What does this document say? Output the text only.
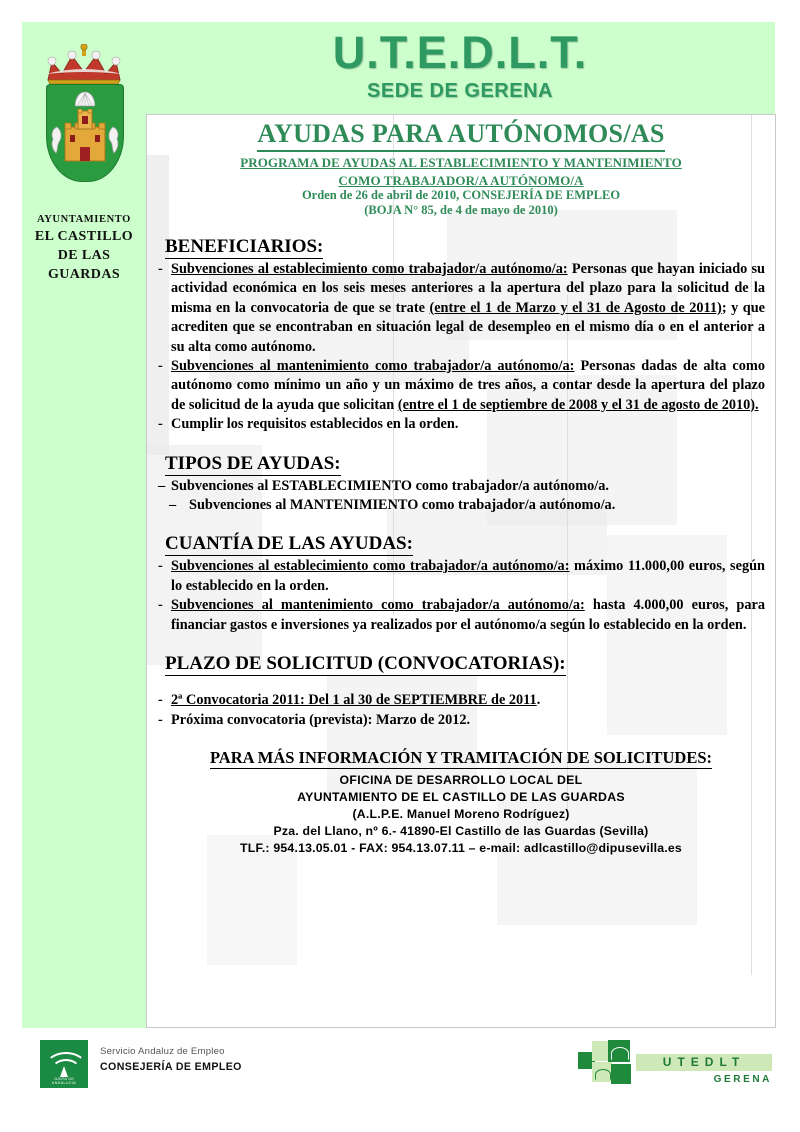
AYUNTAMIENTO
EL CASTILLO
DE LAS
GUARDAS
U.T.E.D.L.T.
SEDE DE GERENA
AYUDAS PARA AUTÓNOMOS/AS
PROGRAMA DE AYUDAS AL ESTABLECIMIENTO Y MANTENIMIENTO
COMO TRABAJADOR/A AUTÓNOMO/A
Orden de 26 de abril de 2010, CONSEJERÍA DE EMPLEO
(BOJA N° 85, de 4 de mayo de 2010)
BENEFICIARIOS:
- Subvenciones al establecimiento como trabajador/a autónomo/a: Personas que hayan iniciado su actividad económica en los seis meses anteriores a la apertura del plazo para la solicitud de la misma en la convocatoria de que se trate (entre el 1 de Marzo y el 31 de Agosto de 2011); y que acrediten que se encontraban en situación legal de desempleo en el mismo día o en el anterior a su alta como autónomo.
- Subvenciones al mantenimiento como trabajador/a autónomo/a: Personas dadas de alta como autónomo como mínimo un año y un máximo de tres años, a contar desde la apertura del plazo de solicitud de la ayuda que solicitan (entre el 1 de septiembre de 2008 y el 31 de agosto de 2010).
- Cumplir los requisitos establecidos en la orden.
TIPOS DE AYUDAS:
– Subvenciones al ESTABLECIMIENTO como trabajador/a autónomo/a.
– Subvenciones al MANTENIMIENTO como trabajador/a autónomo/a.
CUANTÍA DE LAS AYUDAS:
- Subvenciones al establecimiento como trabajador/a autónomo/a: máximo 11.000,00 euros, según lo establecido en la orden.
- Subvenciones al mantenimiento como trabajador/a autónomo/a: hasta 4.000,00 euros, para financiar gastos e inversiones ya realizados por el autónomo/a según lo establecido en la orden.
PLAZO DE SOLICITUD (CONVOCATORIAS):
- 2ª Convocatoria 2011: Del 1 al 30 de SEPTIEMBRE de 2011.
- Próxima convocatoria (prevista): Marzo de 2012.
PARA MÁS INFORMACIÓN Y TRAMITACIÓN DE SOLICITUDES:
OFICINA DE DESARROLLO LOCAL DEL
AYUNTAMIENTO DE EL CASTILLO DE LAS GUARDAS
(A.L.P.E. Manuel Moreno Rodríguez)
Pza. del Llano, nº 6.- 41890-El Castillo de las Guardas (Sevilla)
TLF.: 954.13.05.01 - FAX: 954.13.07.11 – e-mail: adlcastillo@dipusevilla.es
JUNTA DE ANDALUCIA
Servicio Andaluz de Empleo
CONSEJERÍA DE EMPLEO	UTEDLT
GERENA
